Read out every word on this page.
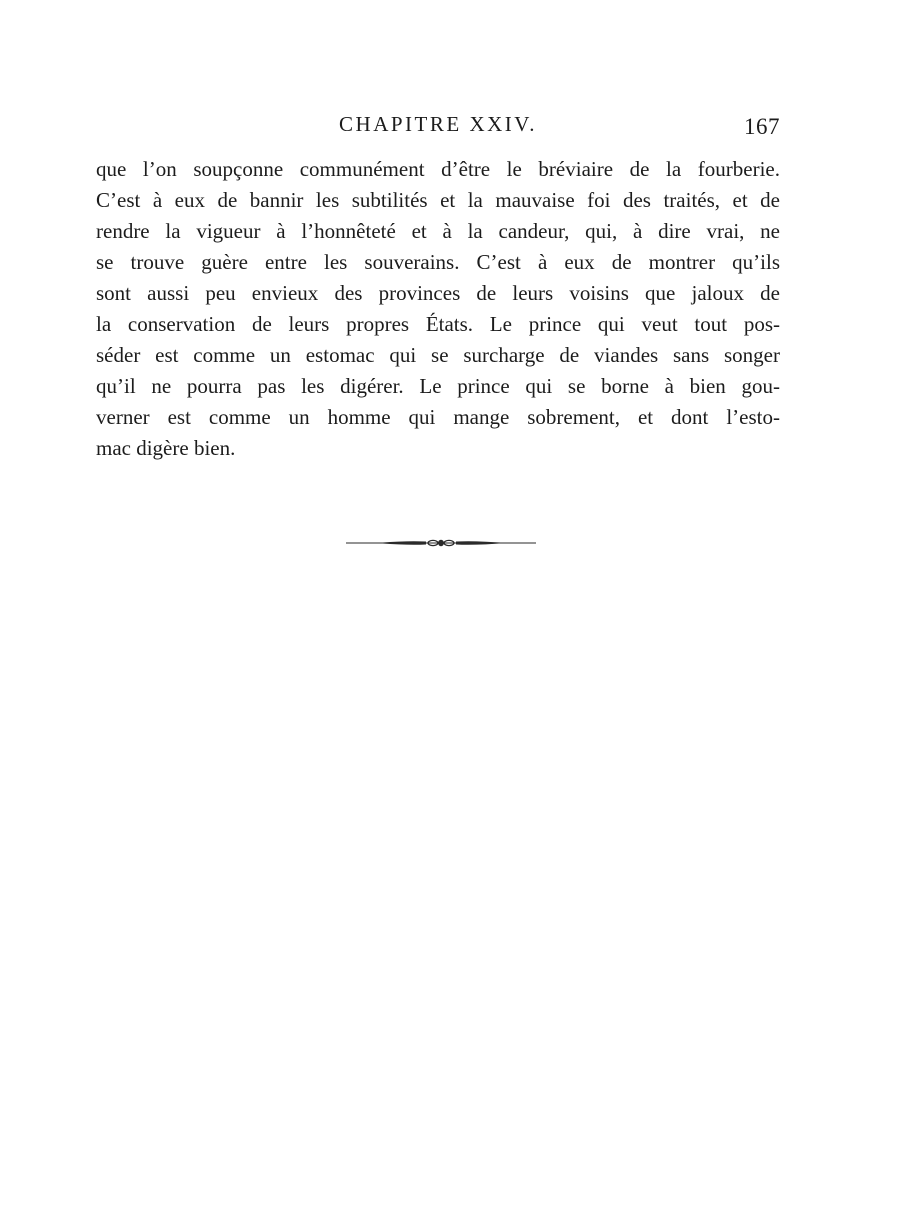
CHAPITRE XXIV.	167
que l’on soupçonne communément d’être le bréviaire de la fourberie.
C’est à eux de bannir les subtilités et la mauvaise foi des traités, et de
rendre la vigueur à l’honnêteté et à la candeur, qui, à dire vrai, ne
se trouve guère entre les souverains. C’est à eux de montrer qu’ils
sont aussi peu envieux des provinces de leurs voisins que jaloux de
la conservation de leurs propres États. Le prince qui veut tout pos-
séder est comme un estomac qui se surcharge de viandes sans songer
qu’il ne pourra pas les digérer. Le prince qui se borne à bien gou-
verner est comme un homme qui mange sobrement, et dont l’esto-
mac digère bien.
